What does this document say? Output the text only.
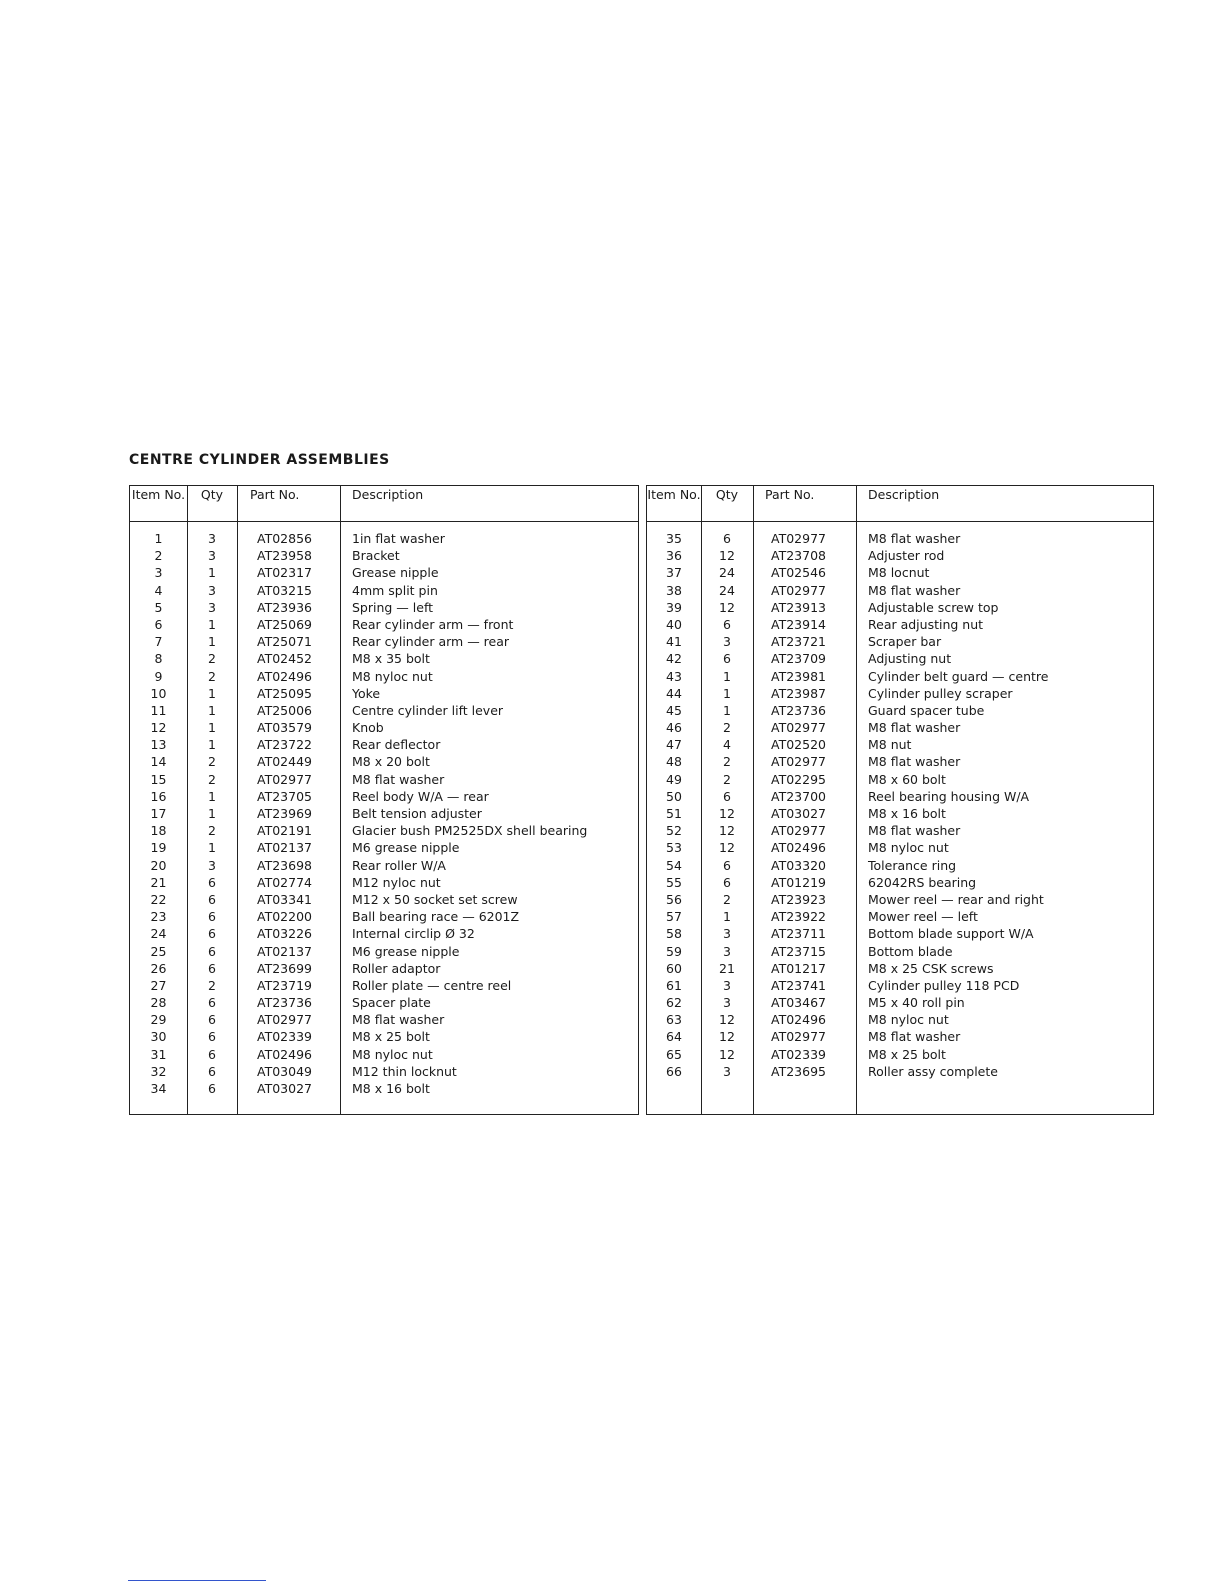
CENTRE CYLINDER ASSEMBLIES
Item No.	Qty	Part No.	Description
1	3	AT02856	1in flat washer
2	3	AT23958	Bracket
3	1	AT02317	Grease nipple
4	3	AT03215	4mm split pin
5	3	AT23936	Spring — left
6	1	AT25069	Rear cylinder arm — front
7	1	AT25071	Rear cylinder arm — rear
8	2	AT02452	M8 x 35 bolt
9	2	AT02496	M8 nyloc nut
10	1	AT25095	Yoke
11	1	AT25006	Centre cylinder lift lever
12	1	AT03579	Knob
13	1	AT23722	Rear deflector
14	2	AT02449	M8 x 20 bolt
15	2	AT02977	M8 flat washer
16	1	AT23705	Reel body W/A — rear
17	1	AT23969	Belt tension adjuster
18	2	AT02191	Glacier bush PM2525DX shell bearing
19	1	AT02137	M6 grease nipple
20	3	AT23698	Rear roller W/A
21	6	AT02774	M12 nyloc nut
22	6	AT03341	M12 x 50 socket set screw
23	6	AT02200	Ball bearing race — 6201Z
24	6	AT03226	Internal circlip Ø 32
25	6	AT02137	M6 grease nipple
26	6	AT23699	Roller adaptor
27	2	AT23719	Roller plate — centre reel
28	6	AT23736	Spacer plate
29	6	AT02977	M8 flat washer
30	6	AT02339	M8 x 25 bolt
31	6	AT02496	M8 nyloc nut
32	6	AT03049	M12 thin locknut
34	6	AT03027	M8 x 16 bolt
Item No.	Qty	Part No.	Description
35	6	AT02977	M8 flat washer
36	12	AT23708	Adjuster rod
37	24	AT02546	M8 locnut
38	24	AT02977	M8 flat washer
39	12	AT23913	Adjustable screw top
40	6	AT23914	Rear adjusting nut
41	3	AT23721	Scraper bar
42	6	AT23709	Adjusting nut
43	1	AT23981	Cylinder belt guard — centre
44	1	AT23987	Cylinder pulley scraper
45	1	AT23736	Guard spacer tube
46	2	AT02977	M8 flat washer
47	4	AT02520	M8 nut
48	2	AT02977	M8 flat washer
49	2	AT02295	M8 x 60 bolt
50	6	AT23700	Reel bearing housing W/A
51	12	AT03027	M8 x 16 bolt
52	12	AT02977	M8 flat washer
53	12	AT02496	M8 nyloc nut
54	6	AT03320	Tolerance ring
55	6	AT01219	62042RS bearing
56	2	AT23923	Mower reel — rear and right
57	1	AT23922	Mower reel — left
58	3	AT23711	Bottom blade support W/A
59	3	AT23715	Bottom blade
60	21	AT01217	M8 x 25 CSK screws
61	3	AT23741	Cylinder pulley 118 PCD
62	3	AT03467	M5 x 40 roll pin
63	12	AT02496	M8 nyloc nut
64	12	AT02977	M8 flat washer
65	12	AT02339	M8 x 25 bolt
66	3	AT23695	Roller assy complete
